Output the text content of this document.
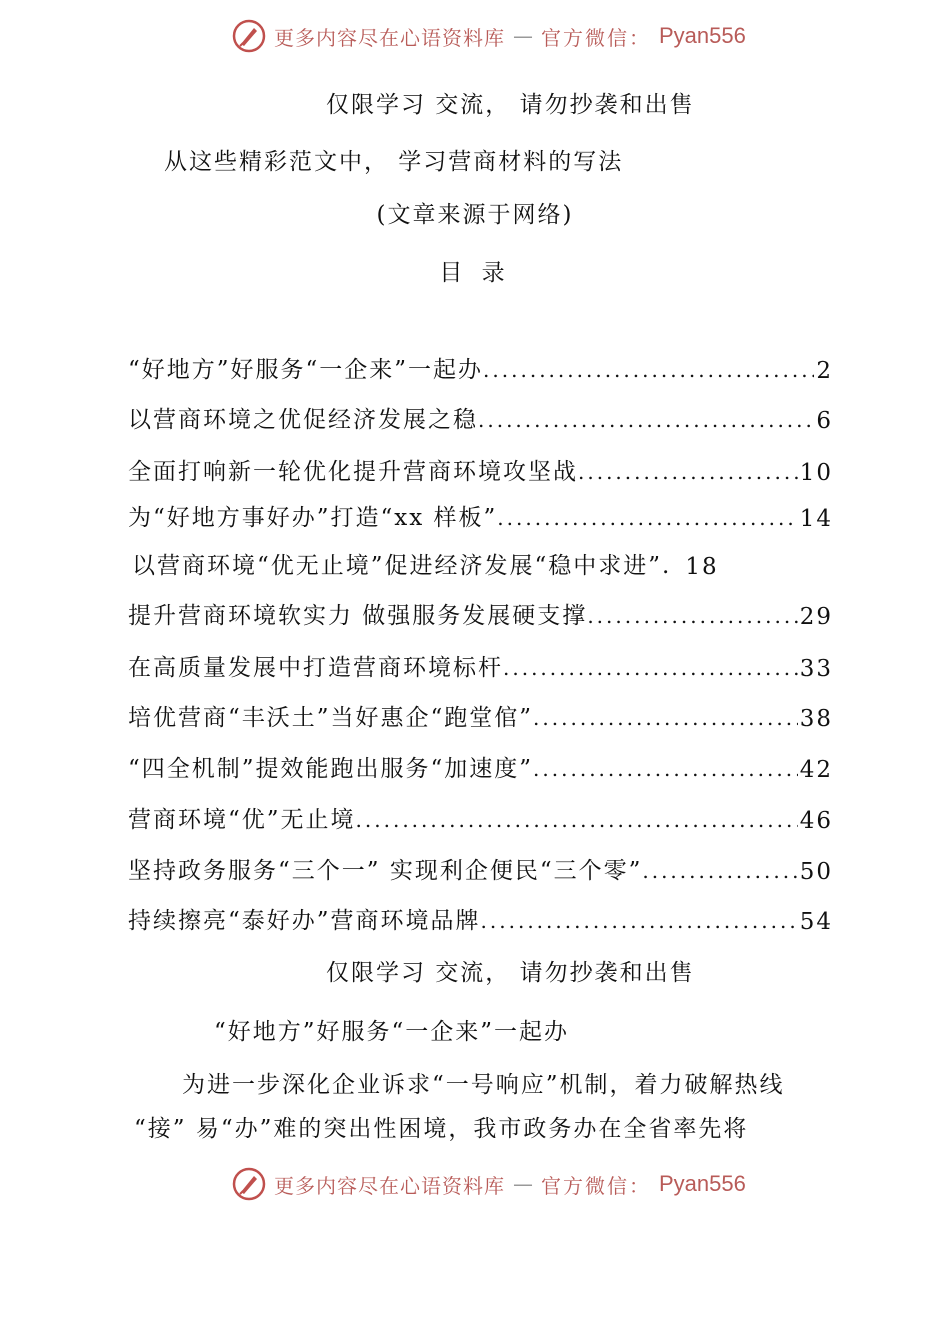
更多内容尽在心语资料库 — 官方微信： Pyan556
仅限学习 交流， 请勿抄袭和出售
从这些精彩范文中， 学习营商材料的写法
(文章来源于网络)
目 录
“好地方”好服务“一企来”一起办 .....	2
以营商环境之优促经济发展之稳 .....	6
全面打响新一轮优化提升营商环境攻坚战 .....	10
为“好地方事好办”打造“xx 样板” .....	14
以营商环境“优无止境”促进经济发展“稳中求进”. 18
提升营商环境软实力 做强服务发展硬支撑 .....	29
在高质量发展中打造营商环境标杆 .....	33
培优营商“丰沃土”当好惠企“跑堂倌” .....	38
“四全机制”提效能跑出服务“加速度” .....	42
营商环境“优”无止境 .....	46
坚持政务服务“三个一” 实现利企便民“三个零” .....	50
持续擦亮“泰好办”营商环境品牌 .....	54
仅限学习 交流， 请勿抄袭和出售
“好地方”好服务“一企来”一起办
为进一步深化企业诉求“一号响应”机制，着力破解热线
“接” 易“办”难的突出性困境，我市政务办在全省率先将
更多内容尽在心语资料库 — 官方微信： Pyan556
